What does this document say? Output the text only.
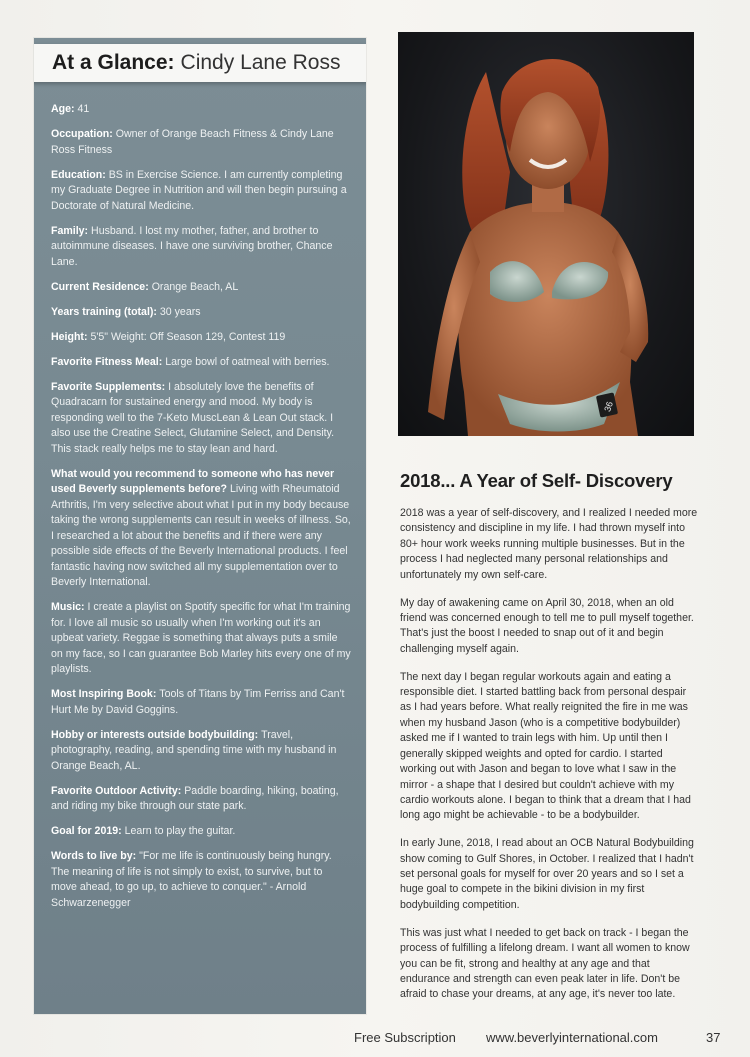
At a Glance: Cindy Lane Ross

Age: 41

Occupation: Owner of Orange Beach Fitness & Cindy Lane Ross Fitness

Education: BS in Exercise Science. I am currently completing my Graduate Degree in Nutrition and will then begin pursuing a Doctorate of Natural Medicine.

Family: Husband. I lost my mother, father, and brother to autoimmune diseases. I have one surviving brother, Chance Lane.

Current Residence: Orange Beach, AL

Years training (total): 30 years

Height: 5'5" Weight: Off Season 129, Contest 119

Favorite Fitness Meal: Large bowl of oatmeal with berries.

Favorite Supplements: I absolutely love the benefits of Quadracarn for sustained energy and mood. My body is responding well to the 7-Keto MuscLean & Lean Out stack. I also use the Creatine Select, Glutamine Select, and Density. This stack really helps me to stay lean and hard.

What would you recommend to someone who has never used Beverly supplements before? Living with Rheumatoid Arthritis, I'm very selective about what I put in my body because taking the wrong supplements can result in weeks of illness. So, I researched a lot about the benefits and if there were any possible side effects of the Beverly International products. I feel fantastic having now switched all my supplementation over to Beverly International.

Music: I create a playlist on Spotify specific for what I'm training for. I love all music so usually when I'm working out it's an upbeat variety. Reggae is something that always puts a smile on my face, so I can guarantee Bob Marley hits every one of my playlists.

Most Inspiring Book: Tools of Titans by Tim Ferriss and Can't Hurt Me by David Goggins.

Hobby or interests outside bodybuilding: Travel, photography, reading, and spending time with my husband in Orange Beach, AL.

Favorite Outdoor Activity: Paddle boarding, hiking, boating, and riding my bike through our state park.

Goal for 2019: Learn to play the guitar.

Words to live by: "For me life is continuously being hungry. The meaning of life is not simply to exist, to survive, but to move ahead, to go up, to achieve to conquer." - Arnold Schwarzenegger

36
2018... A Year of Self- Discovery

2018 was a year of self-discovery, and I realized I needed more consistency and discipline in my life. I had thrown myself into 80+ hour work weeks running multiple businesses. But in the process I had neglected many personal relationships and unfortunately my own self-care.

My day of awakening came on April 30, 2018, when an old friend was concerned enough to tell me to pull myself together. That's just the boost I needed to snap out of it and begin challenging myself again.

The next day I began regular workouts again and eating a responsible diet. I started battling back from personal despair as I had years before. What really reignited the fire in me was when my husband Jason (who is a competitive bodybuilder) asked me if I wanted to train legs with him. Up until then I generally skipped weights and opted for cardio. I started working out with Jason and began to love what I saw in the mirror - a shape that I desired but couldn't achieve with my cardio workouts alone. I began to think that a dream that I had long ago might be achievable - to be a bodybuilder.

In early June, 2018, I read about an OCB Natural Bodybuilding show coming to Gulf Shores, in October. I realized that I hadn't set personal goals for myself for over 20 years and so I set a huge goal to compete in the bikini division in my first bodybuilding competition.

This was just what I needed to get back on track - I began the process of fulfilling a lifelong dream. I want all women to know you can be fit, strong and healthy at any age and that endurance and strength can even peak later in life. Don't be afraid to chase your dreams, at any age, it's never too late.

Free Subscription www.beverlyinternational.com	37
